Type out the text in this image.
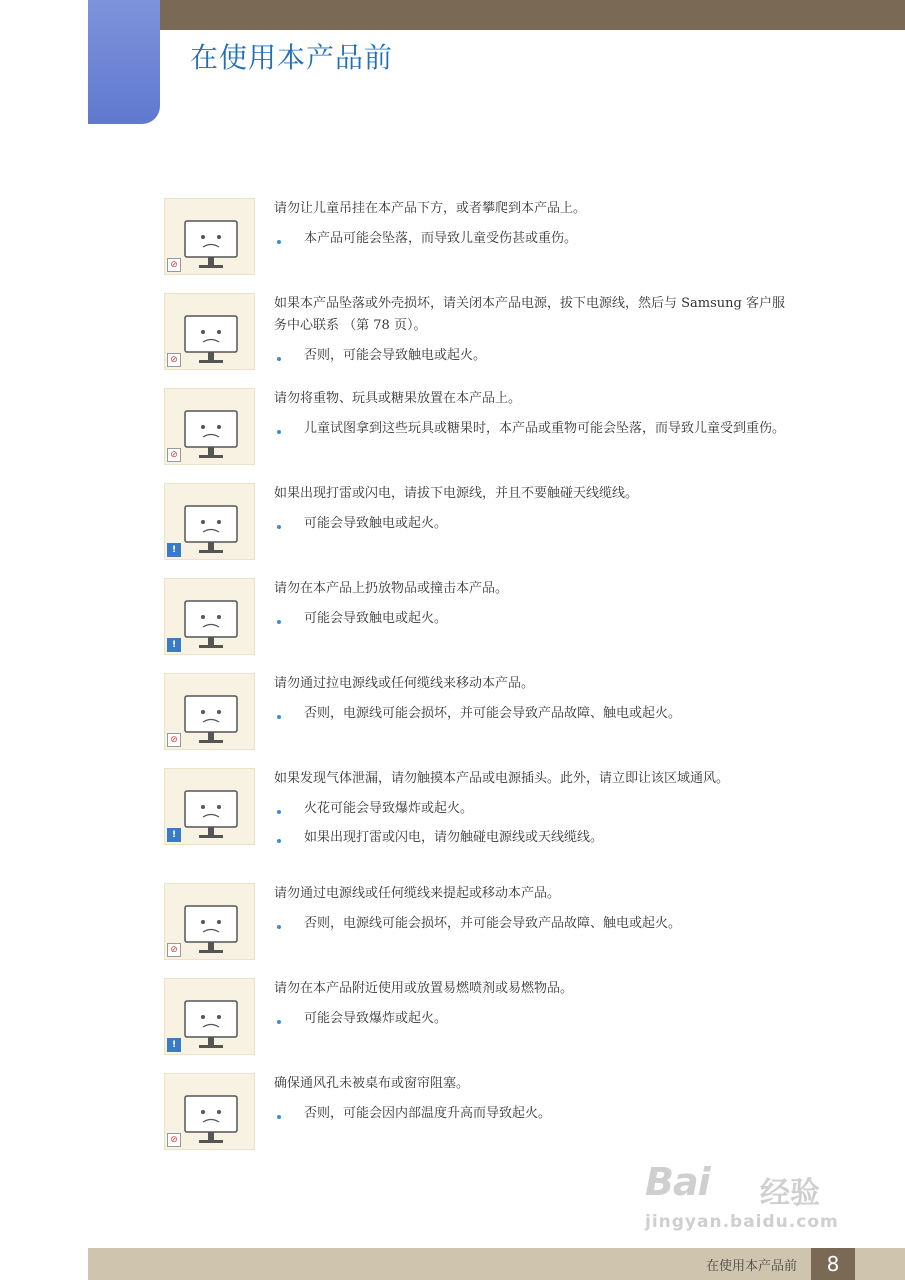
在使用本产品前
⊘

请勿让儿童吊挂在本产品下方，或者攀爬到本产品上。

本产品可能会坠落，而导致儿童受伤甚或重伤。
⊘

如果本产品坠落或外壳损坏，请关闭本产品电源，拔下电源线，然后与 Samsung 客户服务中心联系 （第 78 页）。

否则，可能会导致触电或起火。
⊘

请勿将重物、玩具或糖果放置在本产品上。

儿童试图拿到这些玩具或糖果时，本产品或重物可能会坠落，而导致儿童受到重伤。
!

如果出现打雷或闪电，请拔下电源线，并且不要触碰天线缆线。

可能会导致触电或起火。
!

请勿在本产品上扔放物品或撞击本产品。

可能会导致触电或起火。
⊘

请勿通过拉电源线或任何缆线来移动本产品。

否则，电源线可能会损坏，并可能会导致产品故障、触电或起火。
!

如果发现气体泄漏，请勿触摸本产品或电源插头。此外，请立即让该区域通风。

火花可能会导致爆炸或起火。
如果出现打雷或闪电，请勿触碰电源线或天线缆线。
⊘

请勿通过电源线或任何缆线来提起或移动本产品。

否则，电源线可能会损坏，并可能会导致产品故障、触电或起火。
!

请勿在本产品附近使用或放置易燃喷剂或易燃物品。

可能会导致爆炸或起火。
⊘

确保通风孔未被桌布或窗帘阻塞。

否则，可能会因内部温度升高而导致起火。
Bai 经验
jingyan.baidu.com
在使用本产品前	8
